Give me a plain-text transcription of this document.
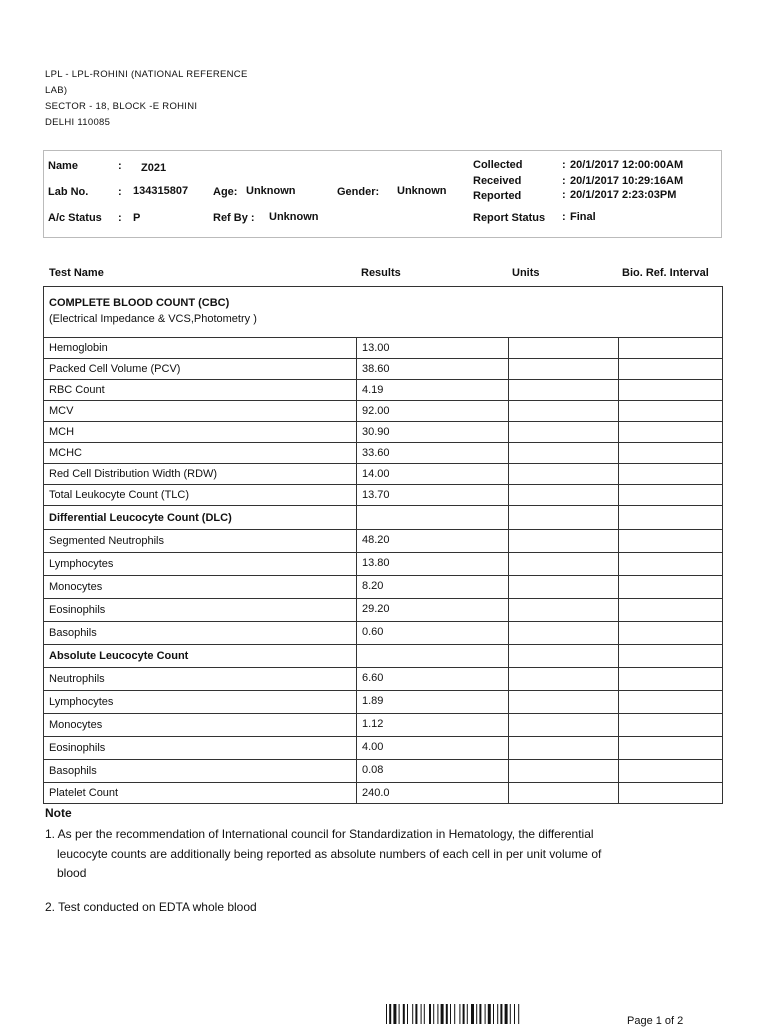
LPL - LPL-ROHINI (NATIONAL REFERENCE
LAB)
SECTOR - 18, BLOCK -E ROHINI
DELHI 110085
Name	: Z021
Lab No.	: 134315807 Age: Unknown	Gender: Unknown
A/c Status : P	Ref By : Unknown
Collected	: 20/1/2017 12:00:00AM
Received	: 20/1/2017 10:29:16AM
Reported	: 20/1/2017 2:23:03PM
Report Status : Final
Test Name	Results	Units	Bio. Ref. Interval
COMPLETE BLOOD COUNT (CBC)
(Electrical Impedance & VCS,Photometry )			

Hemoglobin	13.00		
Packed Cell Volume (PCV)	38.60		
RBC Count	4.19		
MCV	92.00		
MCH	30.90		
MCHC	33.60		
Red Cell Distribution Width (RDW)	14.00		
Total Leukocyte Count (TLC)	13.70		
Differential Leucocyte Count (DLC)			
Segmented Neutrophils	48.20		
Lymphocytes	13.80		
Monocytes	8.20		
Eosinophils	29.20		
Basophils	0.60		
Absolute Leucocyte Count			
Neutrophils	6.60		
Lymphocytes	1.89		
Monocytes	1.12		
Eosinophils	4.00		
Basophils	0.08		
Platelet Count	240.0		
Note
1. As per the recommendation of International council for Standardization in Hematology, the differential
leucocyte counts are additionally being reported as absolute numbers of each cell in per unit volume of
blood
2. Test conducted on EDTA whole blood
Page 1 of 2
